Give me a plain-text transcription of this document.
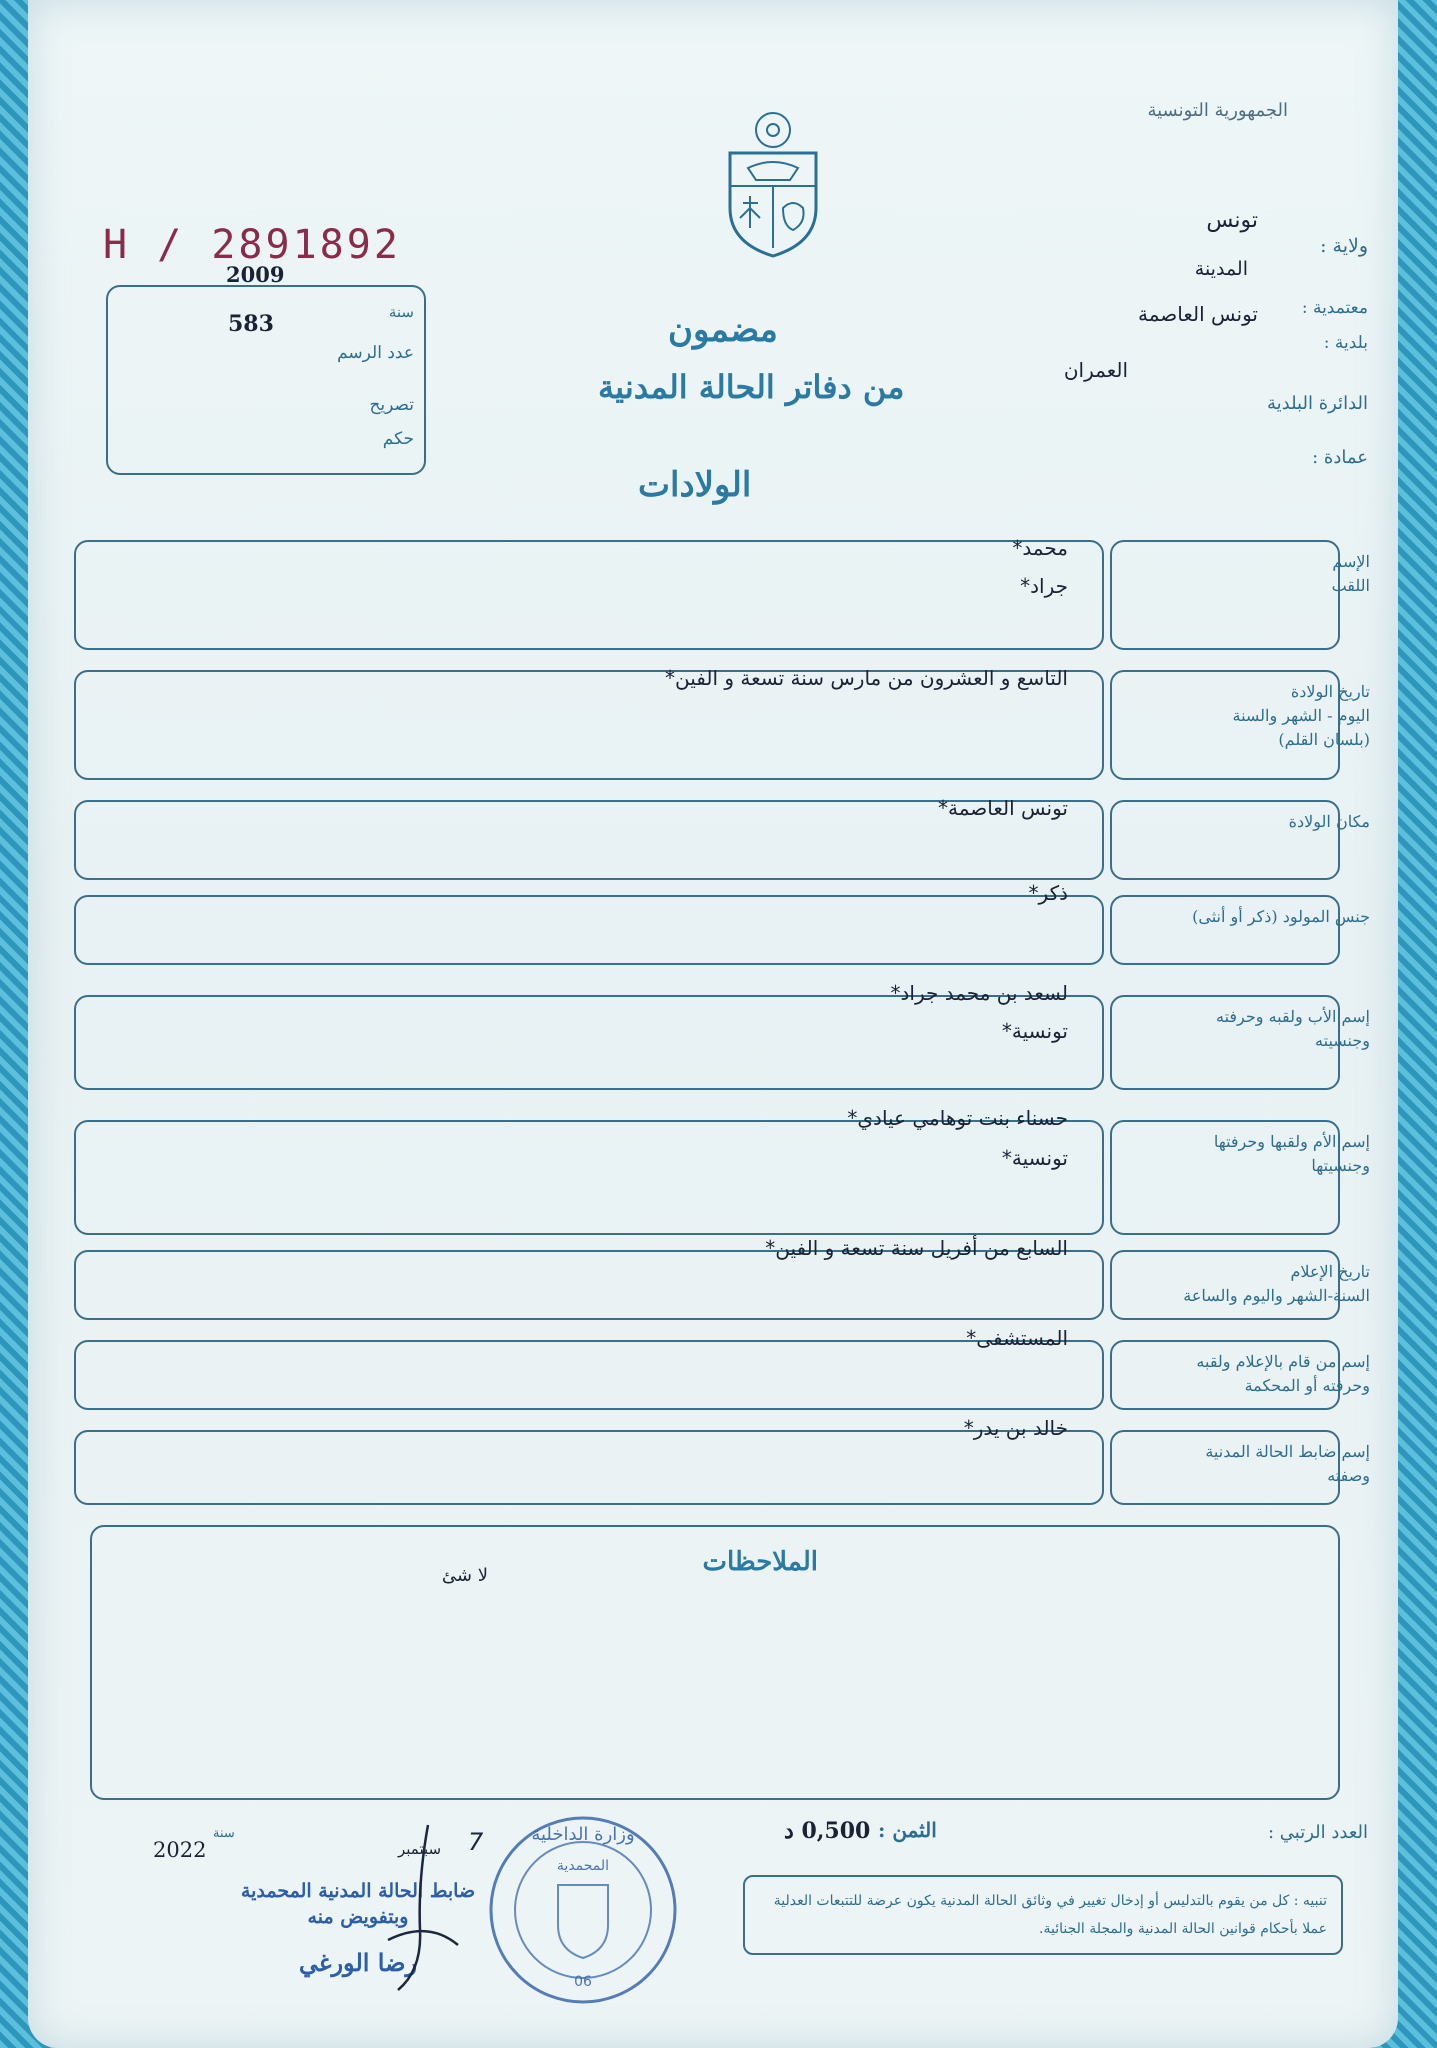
الجمهورية التونسية
ولاية :
تونس
المدينة
معتمدية :
تونس العاصمة
بلدية :
العمران
الدائرة البلدية
عمادة :
H / 2891892
2009
سنة
583
عدد الرسم
تصريح
حكم
مضمون
من دفاتر الحالة المدنية
الولادات
الملاحظات
لا شئ
العدد الرتبي :
الثمن :
0,500 د
تنبيه : كل من يقوم بالتدليس أو إدخال تغيير في وثائق الحالة المدنية يكون عرضة للتتبعات العدلية عملا بأحكام قوانين الحالة المدنية والمجلة الجنائية.
سنة
2022	سبتمبر 7	وزارة الداخلية
المحمدية
06
ضابط الحالة المدنية المحمدية
وبتفويض منه
رضا الورغي
الإسم
اللقب
محمد*
جراد*
تاريخ الولادة
اليوم - الشهر والسنة
(بلسان القلم)
التاسع و العشرون من مارس سنة تسعة و الفين*
مكان الولادة
تونس العاصمة*
جنس المولود (ذكر أو أنثى)
ذكر*
إسم الأب ولقبه وحرفته
وجنسيته
لسعد بن محمد جراد*
تونسية*
إسم الأم ولقبها وحرفتها
وجنسيتها
حسناء بنت توهامي عيادي*
تونسية*
تاريخ الإعلام
السنة-الشهر واليوم والساعة
السابع من أفريل سنة تسعة و الفين*
إسم من قام بالإعلام ولقبه
وحرفته أو المحكمة
المستشفى*
إسم ضابط الحالة المدنية
وصفته
خالد بن يدر*
